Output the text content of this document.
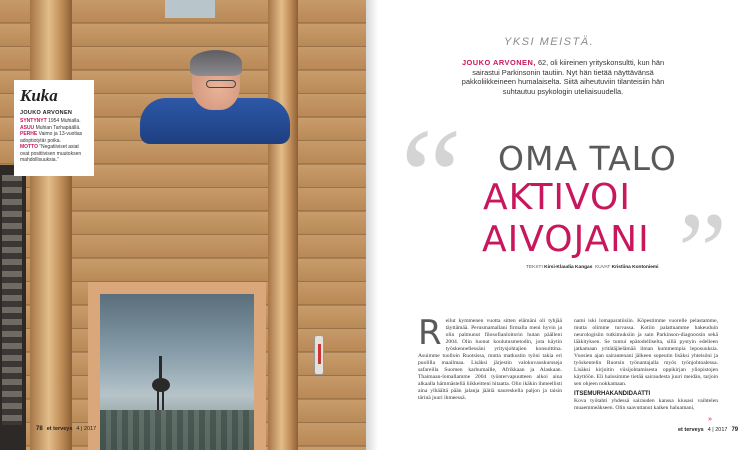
Kuka
JOUKO ARVONEN
SYNTYNYT 1954 Muhialla.
ASUU Muhian Tarhapäällä.
PERHE Vaimo ja 13-vuotias adoptiotytär poika.
MOTTO ”Negatiiviset asiat ovat positiivisen muutoksen mahdollisuuksia.”
78 et terveys 4 | 2017
YKSI MEISTÄ.
JOUKO ARVONEN, 62, oli kiireinen yrityskonsultti, kun hän sairastui Parkinsonin tautiin. Nyt hän tietää näyttävänsä pakkoliikkeineen humalaiselta. Siitä aiheutuviin tilanteisiin hän suhtautuu psykologin uteliaisuudella.
“ OMA TALO
AKTIVOI
AIVOJANI ”
TEKSTI Kirsi-Klaudia Kangas KUVAT Kristiina Kontoniemi
R eilut kymmenen vuotta sitten elämäni oli tyhjää täyttämää. Perusmamallani firmalla meni hyvin ja olin palmunut filosofianloitorin hutan päälleni 2004. Olin luonut koulutusmetodin, jota käytin työskennellessäni yritysjohtajien konsulttina. Asuimme tuolloin Ruotsissa, mutta matkustin työni takia eri puolilla maailmaa. Lisäksi järjestin valokuvauskursseja safareilla Suomen karhumaille, Afrikkaan ja Alaskaan. Thaimaan-lomallamme 2004 työntervapuutteen alkoi aina alkaalla hämmästellä liikkeitteni hitaatta. Olin ikäkin ihmeellisti aina ylhäältä pään jalanja jäätiä naureskella paljon ja taisin tärinä juuri ihmeessä.
nami iski lomaparatiisiin. Köpestimme vuorelle pelastamme, mutta olimme turvassa. Kotiin palattuamme hakeuduin neurologisiin tutkimuksiin ja sain Parkinson-diagnoosin sekä lääkityksen. Se tuntui epätodelliselta, sillä pystyin edelleen jatkamaan yritätäjäelämää ilman kummempia leposuuksia. Vuosien ajan sairautenani jälkeen sopeutin lisäksi yhteisöni ja työskentelin Ruotsin työnantajalla myös työnjohtoalessa. Lisäksi kirjoitin viisijohtamisesta oppikirjan yliopistojen käyttöön. Eli halusimme tietää sairaudesta juuri meidän, tarjoin sen ohjeen nokkamaan.
ITSEMURHAKANDIDAATTI
Kova työtahti yhdessä sairauden kanssa kiusasi vaihtelen muaemmeäkseen. Olin saavuttanut kaiken haluamani,
»
et terveys 4 | 2017 79
